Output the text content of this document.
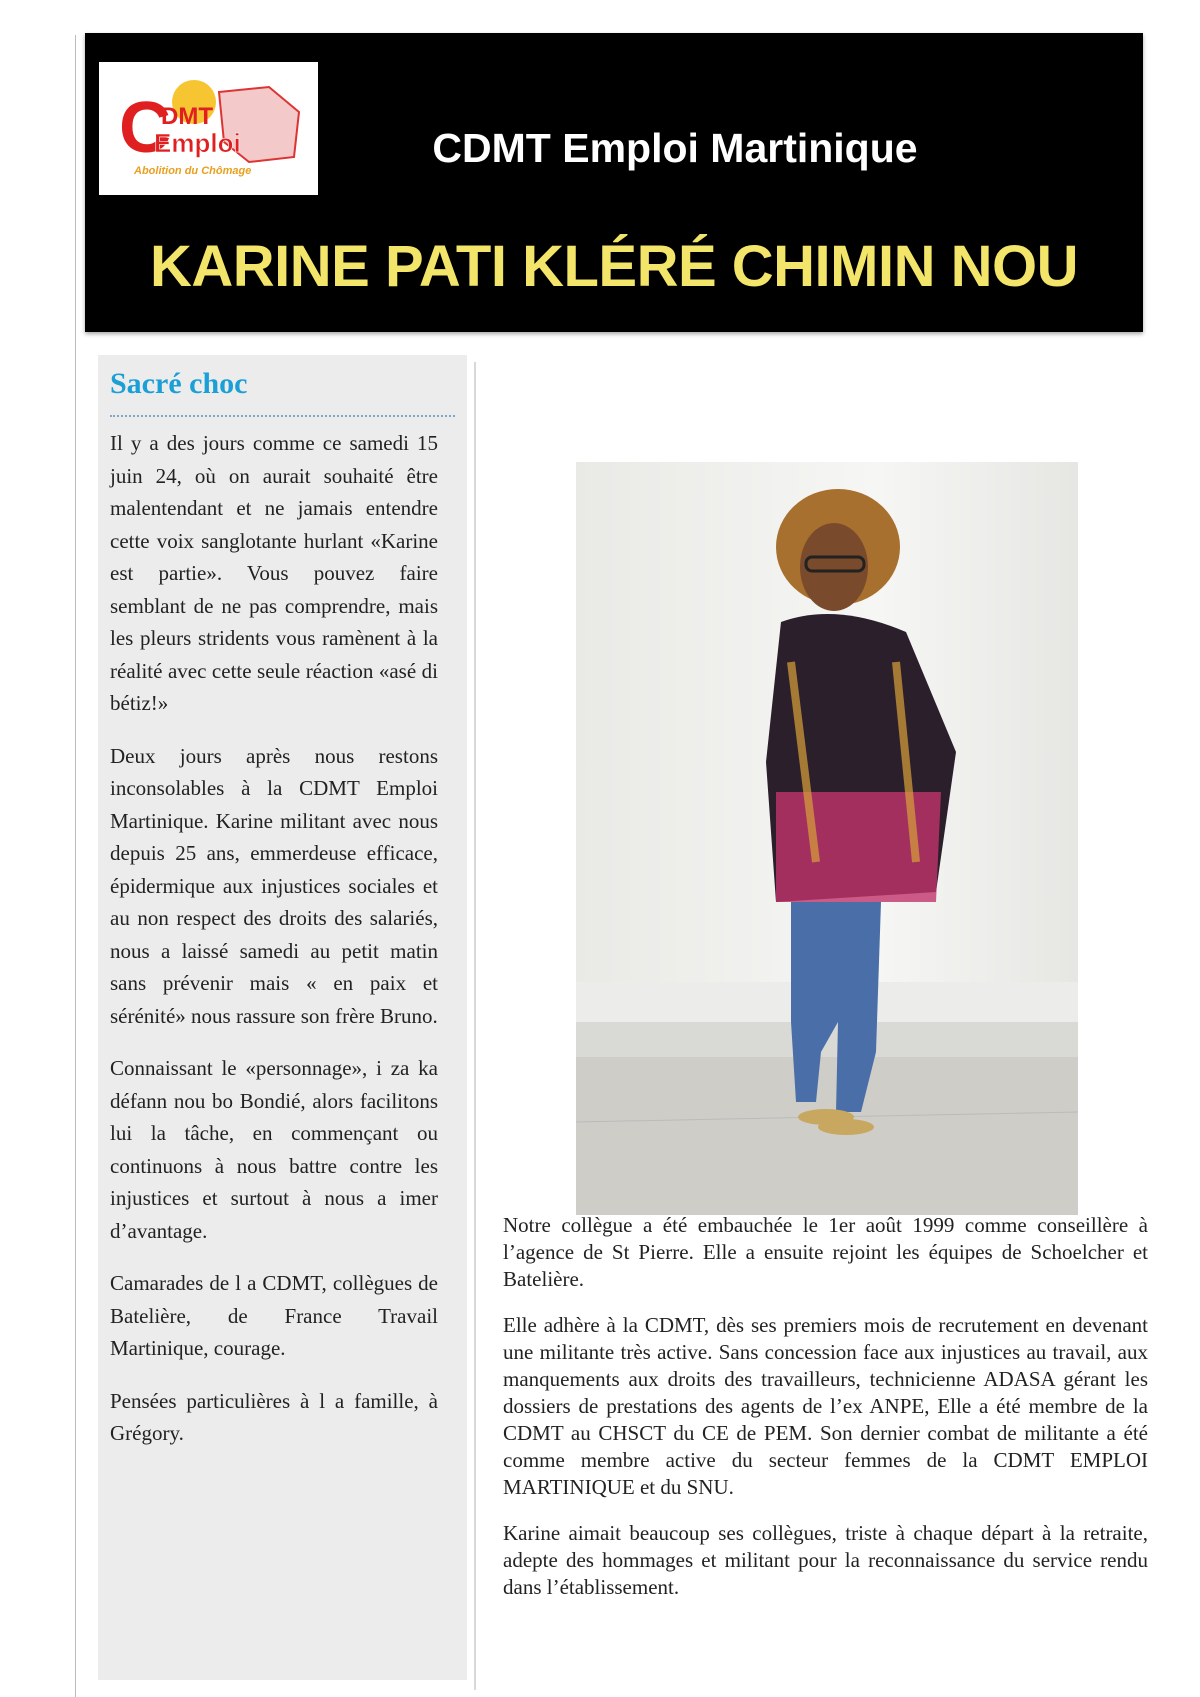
C
DMT
Emploi
Abolition du Chômage	CDMT Emploi Martinique
KARINE PATI KLÉRÉ CHIMIN NOU
Sacré choc

Il y a des jours comme ce samedi 15 juin 24, où on aurait souhaité être malentendant et ne jamais entendre cette voix sanglotante hurlant «Karine est partie». Vous pouvez faire semblant de ne pas comprendre, mais les pleurs stridents vous ramènent à la réalité avec cette seule réaction «asé di bétiz!»

Deux jours après nous restons inconsolables à la CDMT Emploi Martinique. Karine militant avec nous depuis 25 ans, emmerdeuse efficace, épidermique aux injustices sociales et au non respect des droits des salariés, nous a laissé samedi au petit matin sans prévenir mais « en paix et sérénité» nous rassure son frère Bruno.

Connaissant le «personnage», i za ka défann nou bo Bondié, alors facilitons lui la tâche, en commençant ou continuons à nous battre contre les injustices et surtout à nous a imer d’avantage.

Camarades de l a CDMT, collègues de Batelière, de France Travail Martinique, courage.

Pensées particulières à l a famille, à Grégory.

Notre collègue a été embauchée le 1er août 1999 comme conseillère à l’agence de St Pierre. Elle a ensuite rejoint les équipes de Schoelcher et Batelière.

Elle adhère à la CDMT, dès ses premiers mois de recrutement en devenant une militante très active. Sans concession face aux injustices au travail, aux manquements aux droits des travailleurs, technicienne ADASA gérant les dossiers de prestations des agents de l’ex ANPE, Elle a été membre de la CDMT au CHSCT du CE de PEM. Son dernier combat de militante a été comme membre active du secteur femmes de la CDMT EMPLOI MARTINIQUE et du SNU.

Karine aimait beaucoup ses collègues, triste à chaque départ à la retraite, adepte des hommages et militant pour la reconnaissance du service rendu dans l’établissement.
